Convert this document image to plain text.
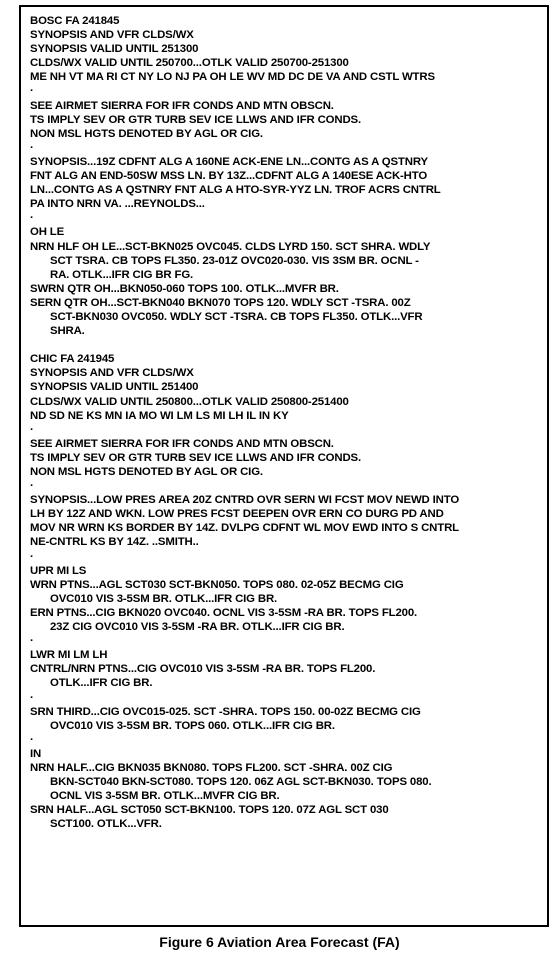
BOSC FA 241845
SYNOPSIS AND VFR CLDS/WX
SYNOPSIS VALID UNTIL 251300
CLDS/WX VALID UNTIL 250700...OTLK VALID 250700-251300
ME NH VT MA RI CT NY LO NJ PA OH LE WV MD DC DE VA AND CSTL WTRS
.
SEE AIRMET SIERRA FOR IFR CONDS AND MTN OBSCN.
TS IMPLY SEV OR GTR TURB SEV ICE LLWS AND IFR CONDS.
NON MSL HGTS DENOTED BY AGL OR CIG.
.
SYNOPSIS...19Z CDFNT ALG A 160NE ACK-ENE LN...CONTG AS A QSTNRY
FNT ALG AN END-50SW MSS LN. BY 13Z...CDFNT ALG A 140ESE ACK-HTO
LN...CONTG AS A QSTNRY FNT ALG A HTO-SYR-YYZ LN. TROF ACRS CNTRL
PA INTO NRN VA. ...REYNOLDS...
.
OH LE
NRN HLF OH LE...SCT-BKN025 OVC045. CLDS LYRD 150. SCT SHRA. WDLY
SCT TSRA. CB TOPS FL350. 23-01Z OVC020-030. VIS 3SM BR. OCNL -
RA. OTLK...IFR CIG BR FG.
SWRN QTR OH...BKN050-060 TOPS 100. OTLK...MVFR BR.
SERN QTR OH...SCT-BKN040 BKN070 TOPS 120. WDLY SCT -TSRA. 00Z
SCT-BKN030 OVC050. WDLY SCT -TSRA. CB TOPS FL350. OTLK...VFR
SHRA.
CHIC FA 241945
SYNOPSIS AND VFR CLDS/WX
SYNOPSIS VALID UNTIL 251400
CLDS/WX VALID UNTIL 250800...OTLK VALID 250800-251400
ND SD NE KS MN IA MO WI LM LS MI LH IL IN KY
.
SEE AIRMET SIERRA FOR IFR CONDS AND MTN OBSCN.
TS IMPLY SEV OR GTR TURB SEV ICE LLWS AND IFR CONDS.
NON MSL HGTS DENOTED BY AGL OR CIG.
.
SYNOPSIS...LOW PRES AREA 20Z CNTRD OVR SERN WI FCST MOV NEWD INTO
LH BY 12Z AND WKN. LOW PRES FCST DEEPEN OVR ERN CO DURG PD AND
MOV NR WRN KS BORDER BY 14Z. DVLPG CDFNT WL MOV EWD INTO S CNTRL
NE-CNTRL KS BY 14Z. ..SMITH..
.
UPR MI LS
WRN PTNS...AGL SCT030 SCT-BKN050. TOPS 080. 02-05Z BECMG CIG
OVC010 VIS 3-5SM BR. OTLK...IFR CIG BR.
ERN PTNS...CIG BKN020 OVC040. OCNL VIS 3-5SM -RA BR. TOPS FL200.
23Z CIG OVC010 VIS 3-5SM -RA BR. OTLK...IFR CIG BR.
.
LWR MI LM LH
CNTRL/NRN PTNS...CIG OVC010 VIS 3-5SM -RA BR. TOPS FL200.
OTLK...IFR CIG BR.
.
SRN THIRD...CIG OVC015-025. SCT -SHRA. TOPS 150. 00-02Z BECMG CIG
OVC010 VIS 3-5SM BR. TOPS 060. OTLK...IFR CIG BR.
.
IN
NRN HALF...CIG BKN035 BKN080. TOPS FL200. SCT -SHRA. 00Z CIG
BKN-SCT040 BKN-SCT080. TOPS 120. 06Z AGL SCT-BKN030. TOPS 080.
OCNL VIS 3-5SM BR. OTLK...MVFR CIG BR.
SRN HALF...AGL SCT050 SCT-BKN100. TOPS 120. 07Z AGL SCT 030
SCT100. OTLK...VFR.
Figure 6 Aviation Area Forecast (FA)
